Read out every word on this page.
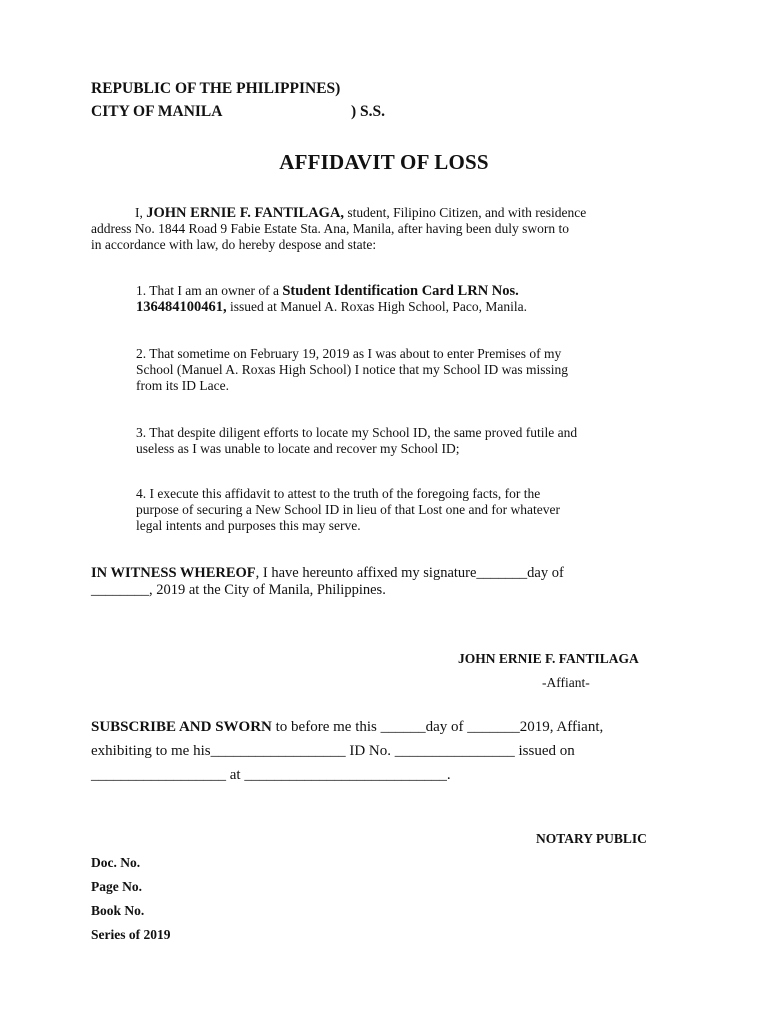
REPUBLIC OF THE PHILIPPINES)
CITY OF MANILA	) S.S.
AFFIDAVIT OF LOSS
I, JOHN ERNIE F. FANTILAGA, student, Filipino Citizen, and with residence
address No. 1844 Road 9 Fabie Estate Sta. Ana, Manila, after having been duly sworn to
in accordance with law, do hereby despose and state:
1. That I am an owner of a Student Identification Card LRN Nos.
136484100461, issued at Manuel A. Roxas High School, Paco, Manila.
2. That sometime on February 19, 2019 as I was about to enter Premises of my
School (Manuel A. Roxas High School) I notice that my School ID was missing
from its ID Lace.
3. That despite diligent efforts to locate my School ID, the same proved futile and
useless as I was unable to locate and recover my School ID;
4. I execute this affidavit to attest to the truth of the foregoing facts, for the
purpose of securing a New School ID in lieu of that Lost one and for whatever
legal intents and purposes this may serve.
IN WITNESS WHEREOF, I have hereunto affixed my signature_______day of
________, 2019 at the City of Manila, Philippines.
JOHN ERNIE F. FANTILAGA
-Affiant-
SUBSCRIBE AND SWORN to before me this ______day of _______2019, Affiant,
exhibiting to me his__________________ ID No. ________________ issued on
__________________ at ___________________________.
NOTARY PUBLIC
Doc. No.
Page No.
Book No.
Series of 2019
